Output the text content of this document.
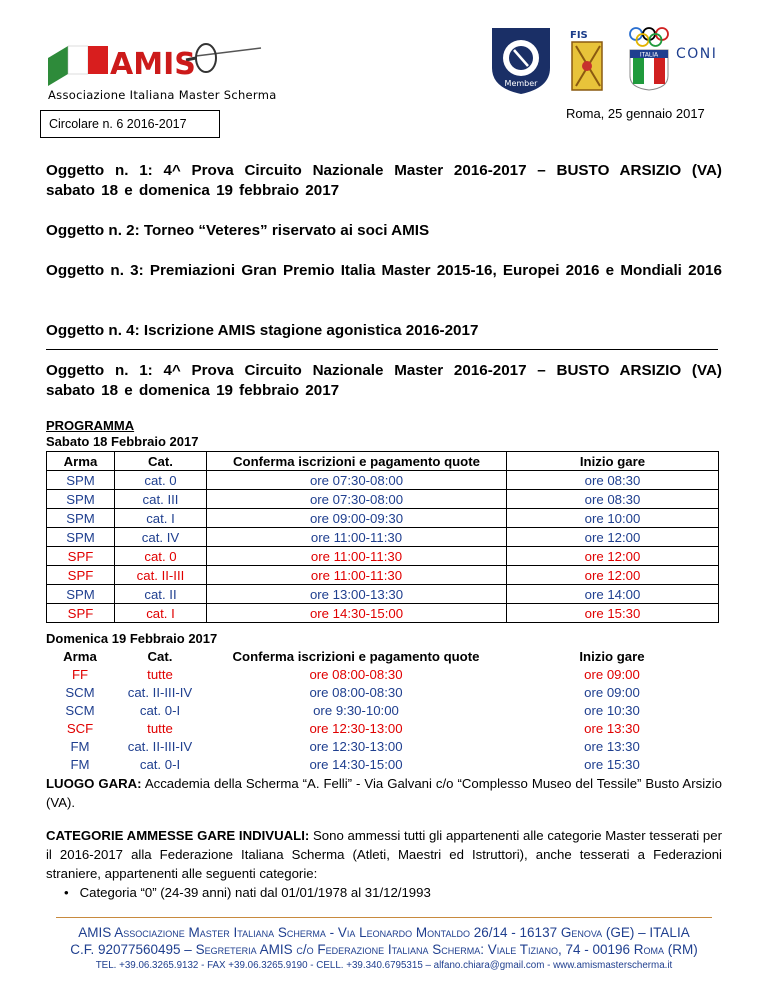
AMIS
Associazione Italiana Master Scherma
Circolare n. 6 2016-2017
Roma, 25 gennaio 2017
Member
FIS
ITALIA CONI
Oggetto n. 1: 4^ Prova Circuito Nazionale Master 2016-2017 – BUSTO ARSIZIO (VA) sabato 18 e domenica 19 febbraio 2017
Oggetto n. 2: Torneo “Veteres” riservato ai soci AMIS
Oggetto n. 3: Premiazioni Gran Premio Italia Master 2015-16, Europei 2016 e Mondiali 2016
Oggetto n. 4: Iscrizione AMIS stagione agonistica 2016-2017
Oggetto n. 1: 4^ Prova Circuito Nazionale Master 2016-2017 – BUSTO ARSIZIO (VA) sabato 18 e domenica 19 febbraio 2017
PROGRAMMA
Sabato 18 Febbraio 2017
Arma	Cat.	Conferma iscrizioni e pagamento quote	Inizio gare
SPM	cat. 0	ore 07:30-08:00	ore 08:30
SPM	cat. III	ore 07:30-08:00	ore 08:30
SPM	cat. I	ore 09:00-09:30	ore 10:00
SPM	cat. IV	ore 11:00-11:30	ore 12:00
SPF	cat. 0	ore 11:00-11:30	ore 12:00
SPF	cat. II-III	ore 11:00-11:30	ore 12:00
SPM	cat. II	ore 13:00-13:30	ore 14:00
SPF	cat. I	ore 14:30-15:00	ore 15:30
Domenica 19 Febbraio 2017
Arma	Cat.	Conferma iscrizioni e pagamento quote	Inizio gare
FF	tutte	ore 08:00-08:30	ore 09:00
SCM	cat. II-III-IV	ore 08:00-08:30	ore 09:00
SCM	cat. 0-I	ore 9:30-10:00	ore 10:30
SCF	tutte	ore 12:30-13:00	ore 13:30
FM	cat. II-III-IV	ore 12:30-13:00	ore 13:30
FM	cat. 0-I	ore 14:30-15:00	ore 15:30
LUOGO GARA: Accademia della Scherma “A. Felli” - Via Galvani c/o “Complesso Museo del Tessile” Busto Arsizio (VA).
CATEGORIE AMMESSE GARE INDIVUALI: Sono ammessi tutti gli appartenenti alle categorie Master tesserati per il 2016-2017 alla Federazione Italiana Scherma (Atleti, Maestri ed Istruttori), anche tesserati a Federazioni straniere, appartenenti alle seguenti categorie:
• Categoria “0” (24-39 anni) nati dal 01/01/1978 al 31/12/1993
AMIS Associazione Master Italiana Scherma - Via Leonardo Montaldo 26/14 - 16137 Genova (GE) – ITALIA
C.F. 92077560495 – Segreteria AMIS c/o Federazione Italiana Scherma: Viale Tiziano, 74 - 00196 Roma (RM)
TEL. +39.06.3265.9132 - FAX +39.06.3265.9190 - CELL. +39.340.6795315 – alfano.chiara@gmail.com - www.amismasterscherma.it
